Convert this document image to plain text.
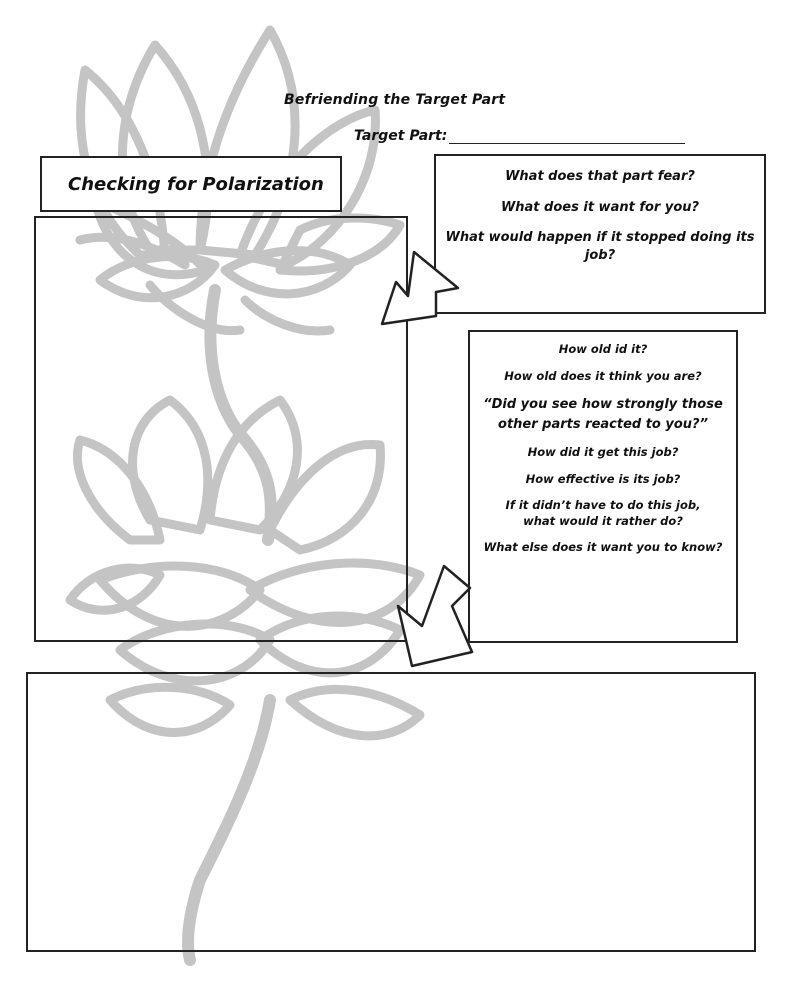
Befriending the Target Part
Target Part:
Checking for Polarization	What does that part fear?

What does it want for you?

What would happen if it stopped doing its job?

How old id it?

How old does it think you are?

“Did you see how strongly those other parts reacted to you?”

How did it get this job?

How effective is its job?

If it didn’t have to do this job, what would it rather do?

What else does it want you to know?
